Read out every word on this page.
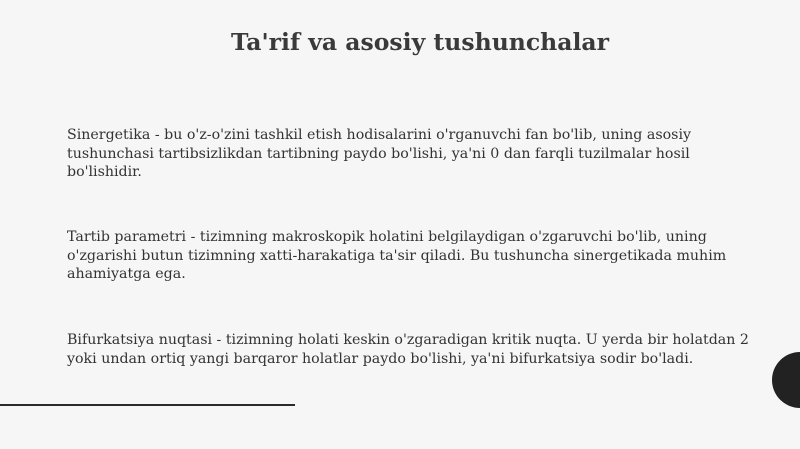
Ta'rif va asosiy tushunchalar

Sinergetika - bu o'z-o'zini tashkil etish hodisalarini o'rganuvchi fan bo'lib, uning asosiy tushunchasi tartibsizlikdan tartibning paydo bo'lishi, ya'ni 0 dan farqli tuzilmalar hosil bo'lishidir.

Tartib parametri - tizimning makroskopik holatini belgilaydigan o'zgaruvchi bo'lib, uning o'zgarishi butun tizimning xatti-harakatiga ta'sir qiladi. Bu tushuncha sinergetikada muhim ahamiyatga ega.

Bifurkatsiya nuqtasi - tizimning holati keskin o'zgaradigan kritik nuqta. U yerda bir holatdan 2 yoki undan ortiq yangi barqaror holatlar paydo bo'lishi, ya'ni bifurkatsiya sodir bo'ladi.
